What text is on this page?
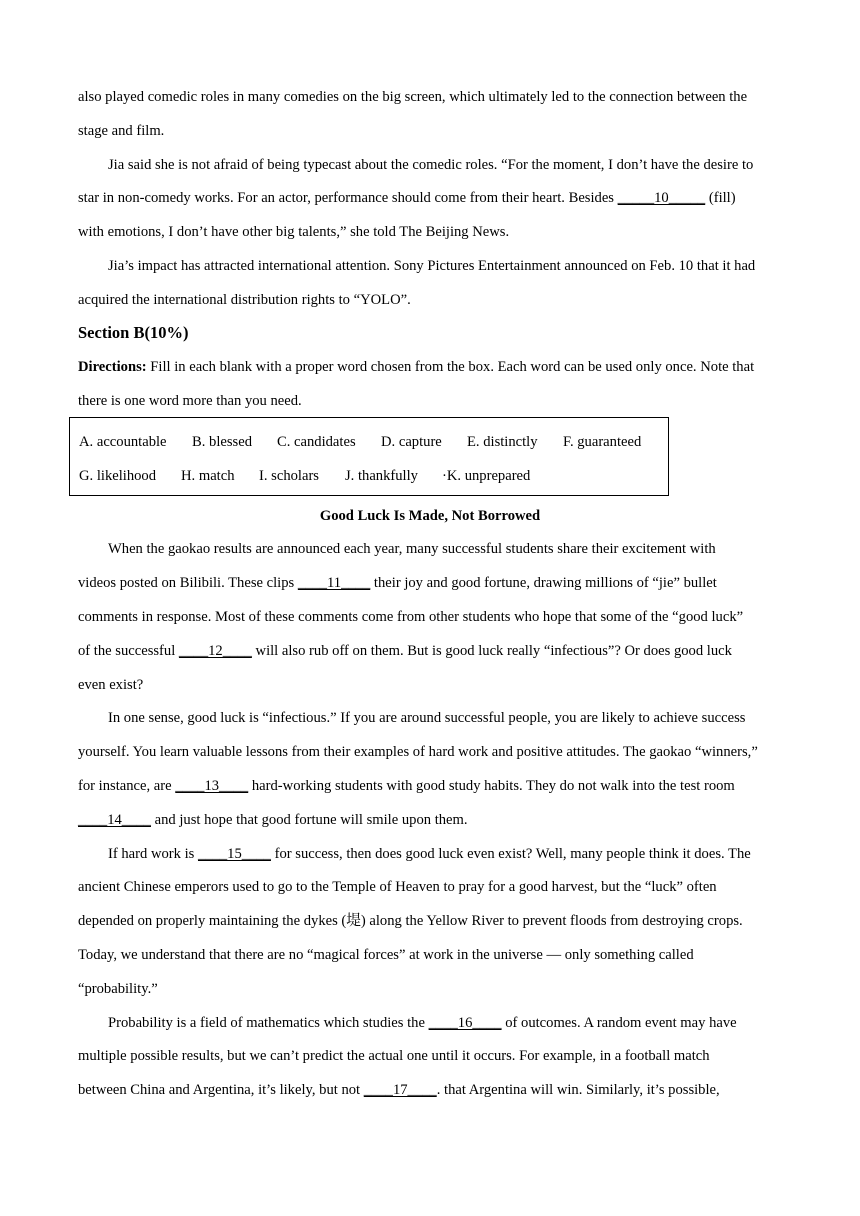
also played comedic roles in many comedies on the big screen, which ultimately led to the connection between the
stage and film.
Jia said she is not afraid of being typecast about the comedic roles. “For the moment, I don’t have the desire to
star in non-comedy works. For an actor, performance should come from their heart. Besides _____10_____ (fill)
with emotions, I don’t have other big talents,” she told The Beijing News.
Jia’s impact has attracted international attention. Sony Pictures Entertainment announced on Feb. 10 that it had
acquired the international distribution rights to “YOLO”.
Section B(10%)
Directions: Fill in each blank with a proper word chosen from the box. Each word can be used only once. Note that
there is one word more than you need.
A. accountable B. blessed C. candidates D. capture E. distinctly F. guaranteed
G. likelihood H. match I. scholars J. thankfully ·K. unprepared
Good Luck Is Made, Not Borrowed
When the gaokao results are announced each year, many successful students share their excitement with
videos posted on Bilibili. These clips ____11____ their joy and good fortune, drawing millions of “jie” bullet
comments in response. Most of these comments come from other students who hope that some of the “good luck”
of the successful ____12____ will also rub off on them. But is good luck really “infectious”? Or does good luck
even exist?
In one sense, good luck is “infectious.” If you are around successful people, you are likely to achieve success
yourself. You learn valuable lessons from their examples of hard work and positive attitudes. The gaokao “winners,”
for instance, are ____13____ hard-working students with good study habits. They do not walk into the test room
____14____ and just hope that good fortune will smile upon them.
If hard work is ____15____ for success, then does good luck even exist? Well, many people think it does. The
ancient Chinese emperors used to go to the Temple of Heaven to pray for a good harvest, but the “luck” often
depended on properly maintaining the dykes (堤) along the Yellow River to prevent floods from destroying crops.
Today, we understand that there are no “magical forces” at work in the universe — only something called
“probability.”
Probability is a field of mathematics which studies the ____16____ of outcomes. A random event may have
multiple possible results, but we can’t predict the actual one until it occurs. For example, in a football match
between China and Argentina, it’s likely, but not ____17____. that Argentina will win. Similarly, it’s possible,
